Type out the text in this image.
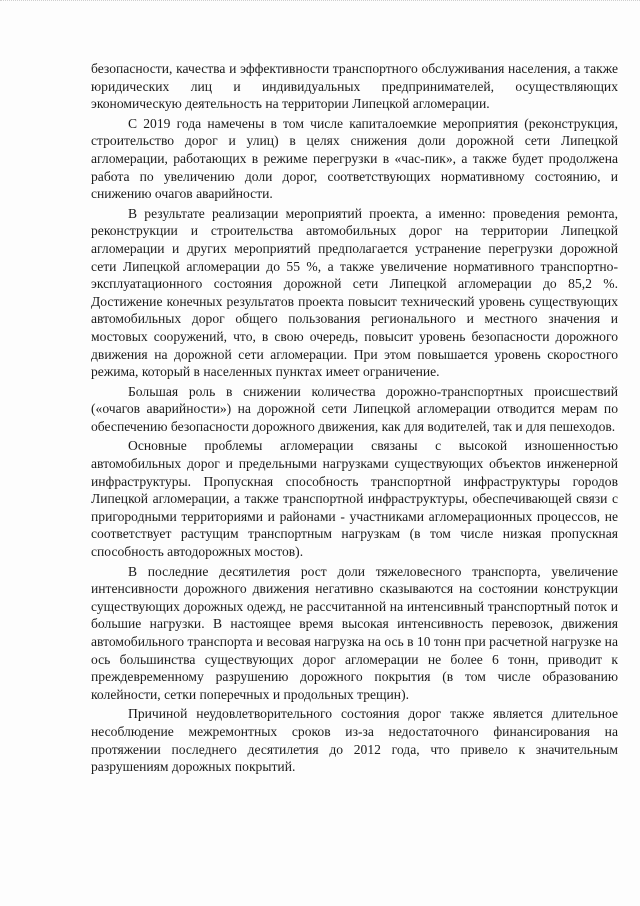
безопасности, качества и эффективности транспортного обслуживания населения, а также юридических лиц и индивидуальных предпринимателей, осуществляющих экономическую деятельность на территории Липецкой агломерации.

С 2019 года намечены в том числе капиталоемкие мероприятия (реконструкция, строительство дорог и улиц) в целях снижения доли дорожной сети Липецкой агломерации, работающих в режиме перегрузки в «час-пик», а также будет продолжена работа по увеличению доли дорог, соответствующих нормативному состоянию, и снижению очагов аварийности.

В результате реализации мероприятий проекта, а именно: проведения ремонта, реконструкции и строительства автомобильных дорог на территории Липецкой агломерации и других мероприятий предполагается устранение перегрузки дорожной сети Липецкой агломерации до 55 %, а также увеличение нормативного транспортно-эксплуатационного состояния дорожной сети Липецкой агломерации до 85,2 %. Достижение конечных результатов проекта повысит технический уровень существующих автомобильных дорог общего пользования регионального и местного значения и мостовых сооружений, что, в свою очередь, повысит уровень безопасности дорожного движения на дорожной сети агломерации. При этом повышается уровень скоростного режима, который в населенных пунктах имеет ограничение.

Большая роль в снижении количества дорожно-транспортных происшествий («очагов аварийности») на дорожной сети Липецкой агломерации отводится мерам по обеспечению безопасности дорожного движения, как для водителей, так и для пешеходов.

Основные проблемы агломерации связаны с высокой изношенностью автомобильных дорог и предельными нагрузками существующих объектов инженерной инфраструктуры. Пропускная способность транспортной инфраструктуры городов Липецкой агломерации, а также транспортной инфраструктуры, обеспечивающей связи с пригородными территориями и районами - участниками агломерационных процессов, не соответствует растущим транспортным нагрузкам (в том числе низкая пропускная способность автодорожных мостов).

В последние десятилетия рост доли тяжеловесного транспорта, увеличение интенсивности дорожного движения негативно сказываются на состоянии конструкции существующих дорожных одежд, не рассчитанной на интенсивный транспортный поток и большие нагрузки. В настоящее время высокая интенсивность перевозок, движения автомобильного транспорта и весовая нагрузка на ось в 10 тонн при расчетной нагрузке на ось большинства существующих дорог агломерации не более 6 тонн, приводит к преждевременному разрушению дорожного покрытия (в том числе образованию колейности, сетки поперечных и продольных трещин).

Причиной неудовлетворительного состояния дорог также является длительное несоблюдение межремонтных сроков из-за недостаточного финансирования на протяжении последнего десятилетия до 2012 года, что привело к значительным разрушениям дорожных покрытий.
